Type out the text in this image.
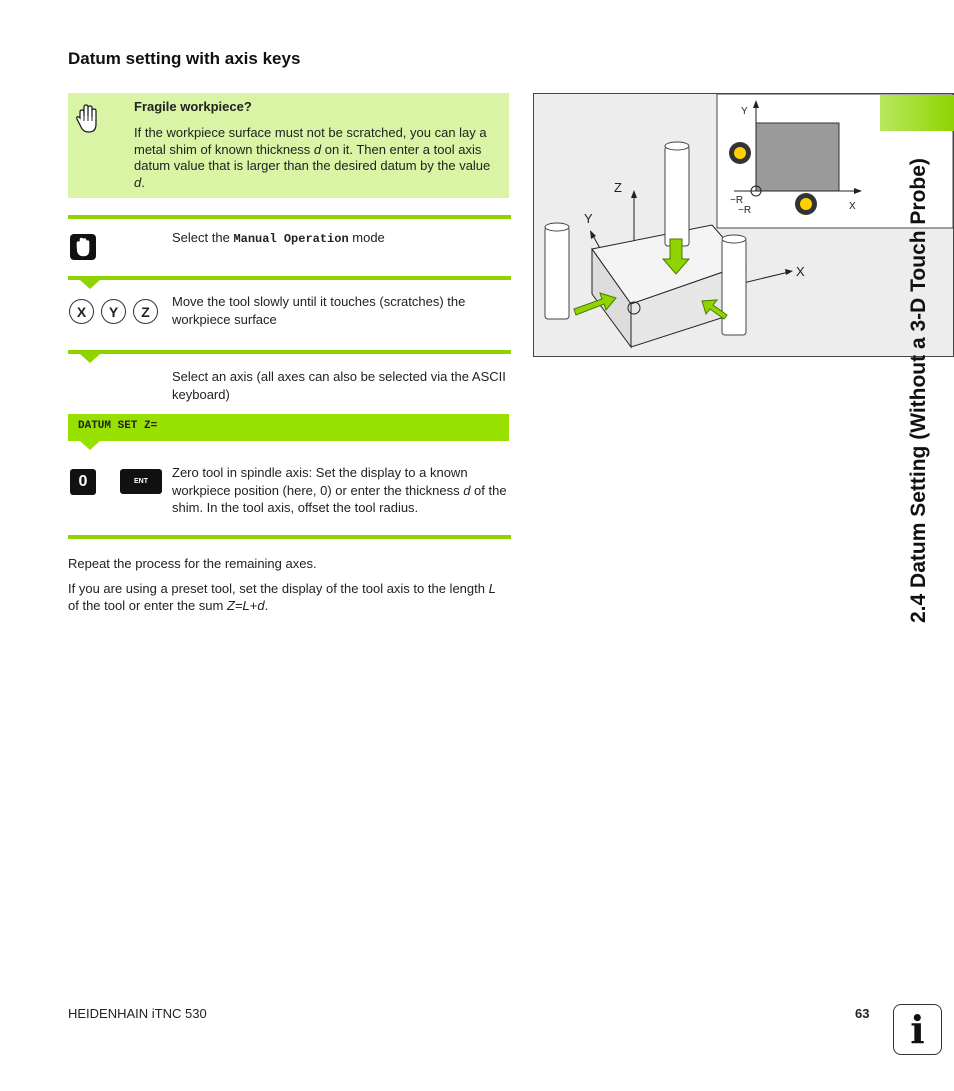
Datum setting with axis keys
Fragile workpiece?
If the workpiece surface must not be scratched, you can lay a metal shim of known thickness d on it. Then enter a tool axis datum value that is larger than the desired datum by the value d.
Select the Manual Operation mode
X	Y	Z
Move the tool slowly until it touches (scratches) the workpiece surface
Select an axis (all axes can also be selected via the ASCII keyboard)
DATUM SET Z=
0	ENT
Zero tool in spindle axis: Set the display to a known workpiece position (here, 0) or enter the thickness d of the shim. In the tool axis, offset the tool radius.
Repeat the process for the remaining axes.
If you are using a preset tool, set the display of the tool axis to the length L of the tool or enter the sum Z=L+d.
Y
X
−R
−R
Z
Y
X	2.4 Datum Setting (Without a 3-D Touch Probe)
HEIDENHAIN iTNC 530	63 i
